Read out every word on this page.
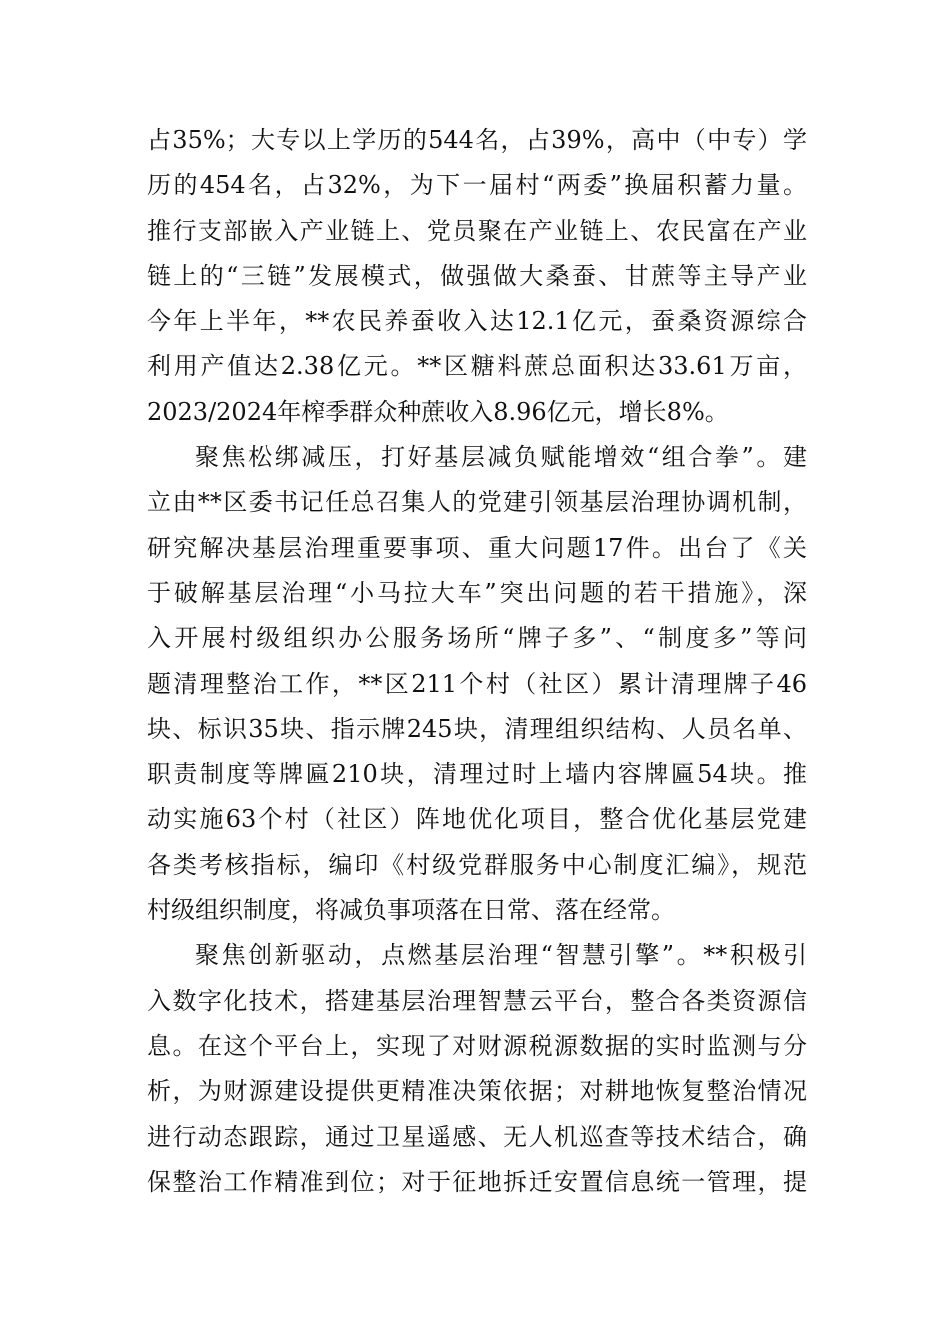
占35%；大专以上学历的544名，占39%，高中（中专）学
历的454名，占32%，为下一届村“两委”换届积蓄力量。
推行支部嵌入产业链上、党员聚在产业链上、农民富在产业
链上的“三链”发展模式，做强做大桑蚕、甘蔗等主导产业
今年上半年，**农民养蚕收入达12.1亿元，蚕桑资源综合
利用产值达2.38亿元。**区糖料蔗总面积达33.61万亩，
2023/2024年榨季群众种蔗收入8.96亿元，增长8%。
聚焦松绑减压，打好基层减负赋能增效“组合拳”。建
立由**区委书记任总召集人的党建引领基层治理协调机制，
研究解决基层治理重要事项、重大问题17件。出台了《关
于破解基层治理“小马拉大车”突出问题的若干措施》，深
入开展村级组织办公服务场所“牌子多”、“制度多”等问
题清理整治工作，**区211个村（社区）累计清理牌子46
块、标识35块、指示牌245块，清理组织结构、人员名单、
职责制度等牌匾210块，清理过时上墙内容牌匾54块。推
动实施63个村（社区）阵地优化项目，整合优化基层党建
各类考核指标，编印《村级党群服务中心制度汇编》，规范
村级组织制度，将减负事项落在日常、落在经常。
聚焦创新驱动，点燃基层治理“智慧引擎”。**积极引
入数字化技术，搭建基层治理智慧云平台，整合各类资源信
息。在这个平台上，实现了对财源税源数据的实时监测与分
析，为财源建设提供更精准决策依据；对耕地恢复整治情况
进行动态跟踪，通过卫星遥感、无人机巡查等技术结合，确
保整治工作精准到位；对于征地拆迁安置信息统一管理，提
